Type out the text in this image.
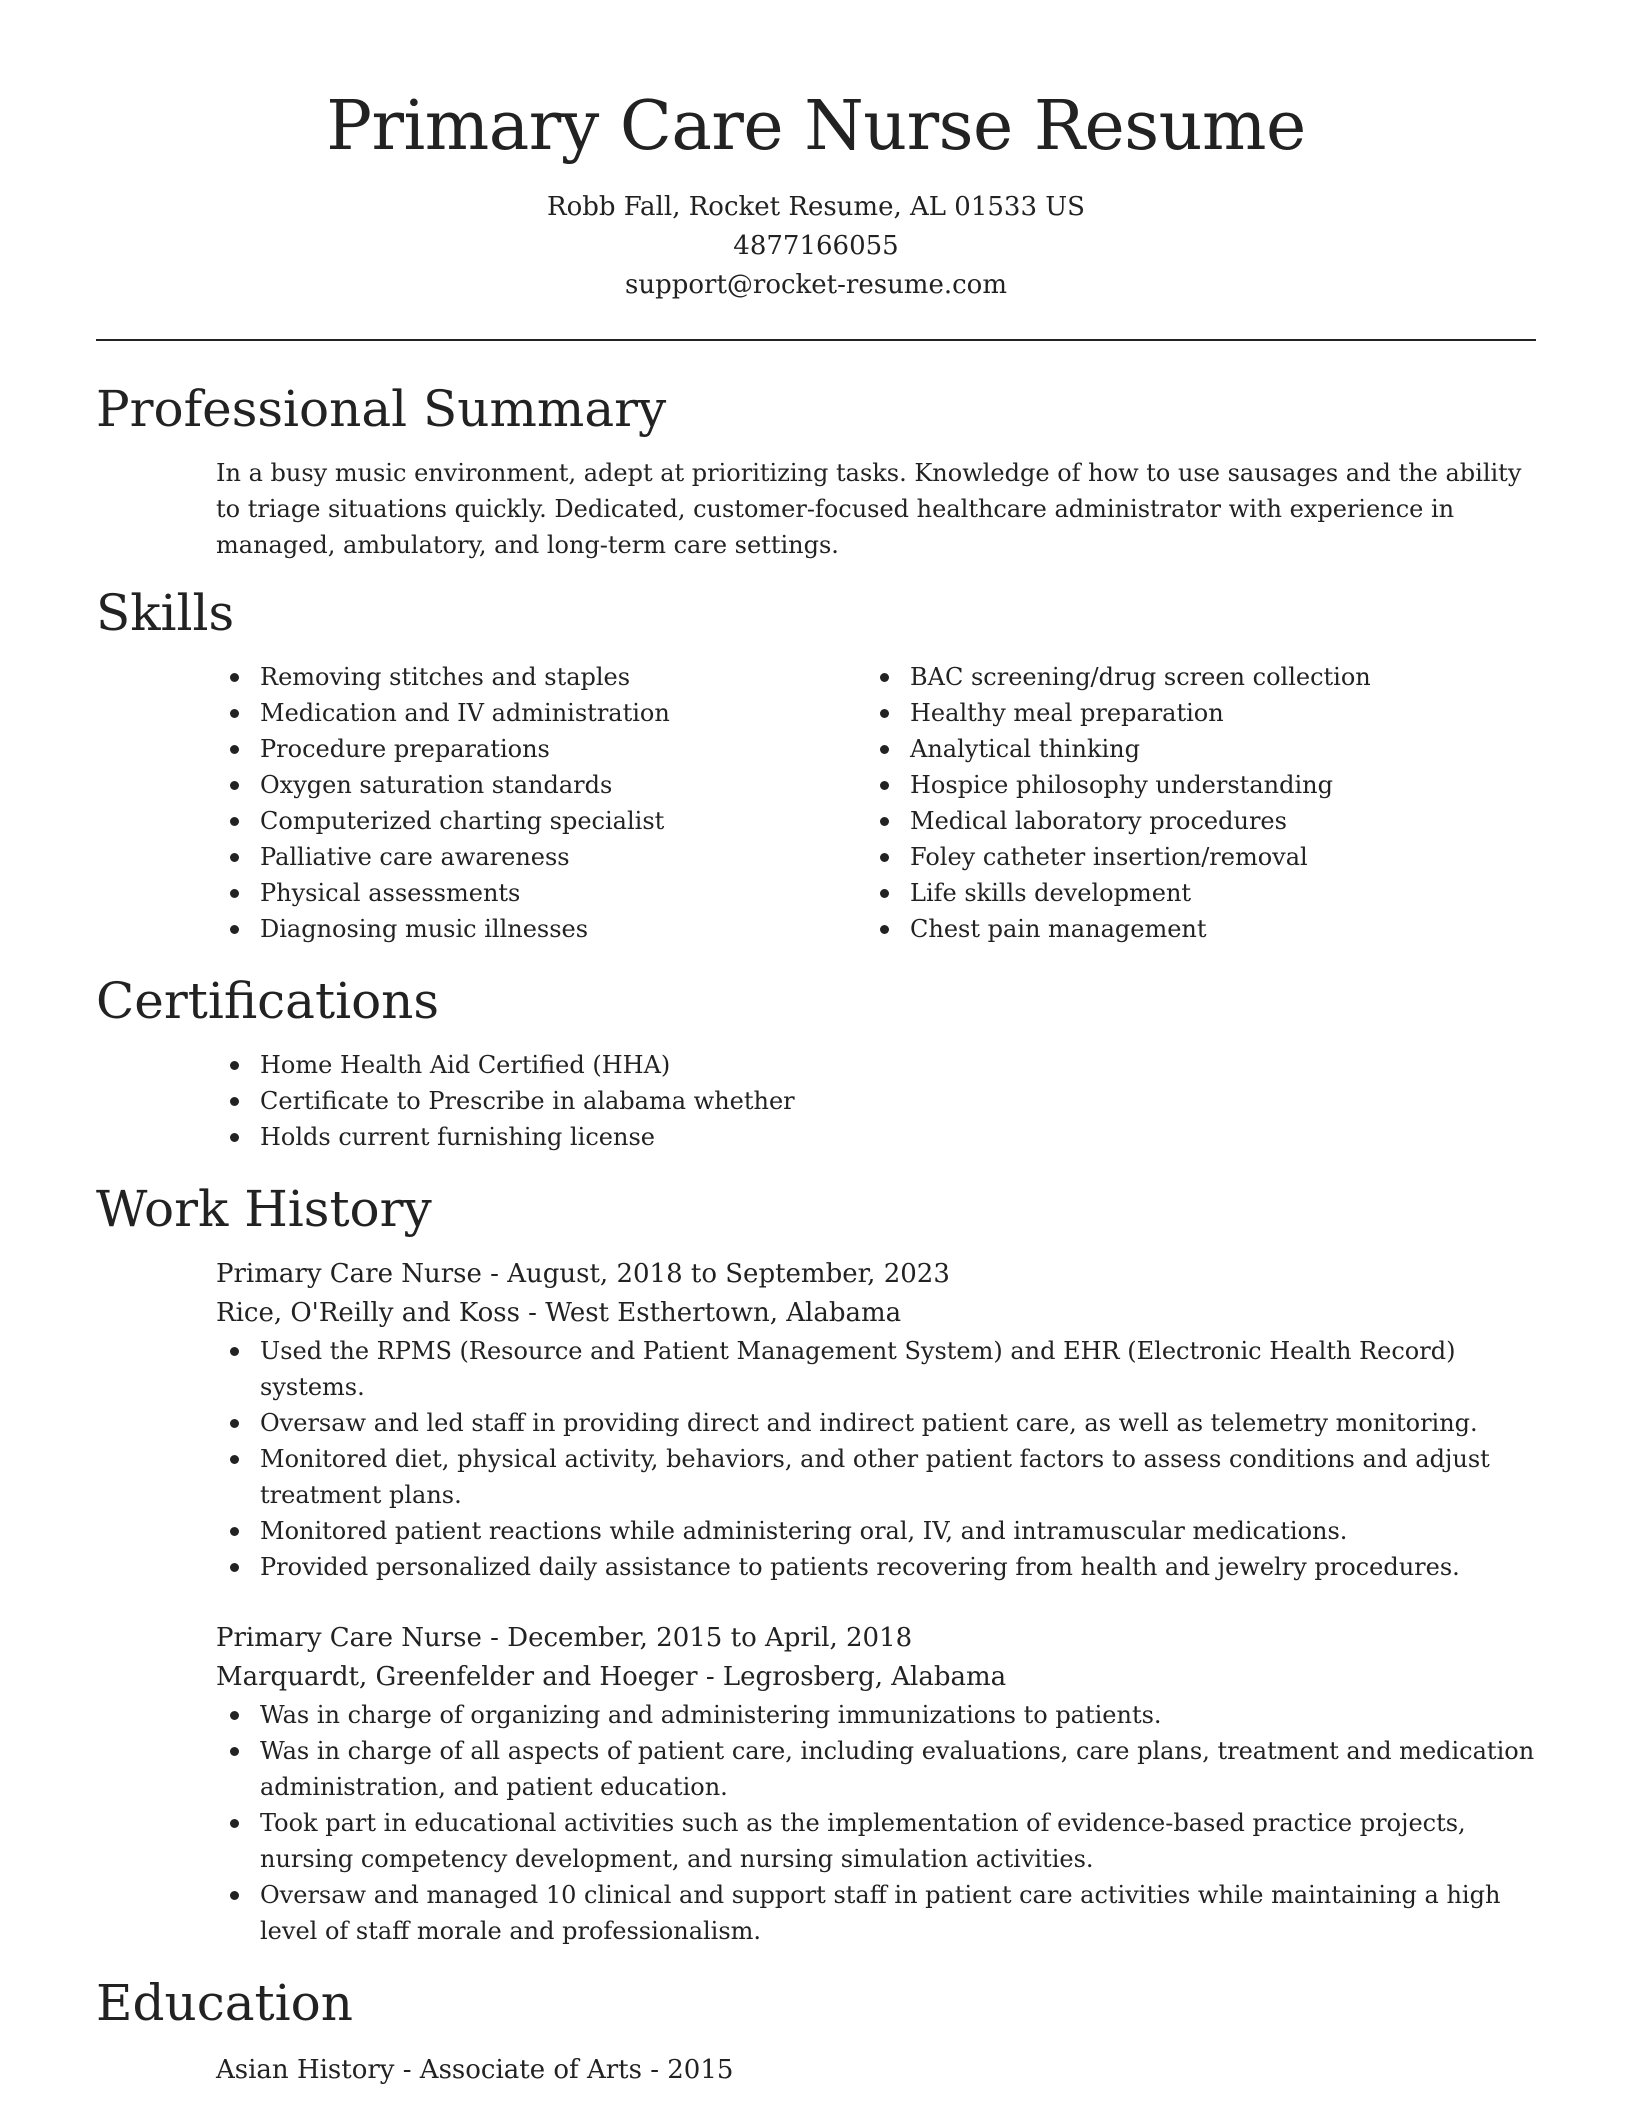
Primary Care Nurse Resume
Robb Fall, Rocket Resume, AL 01533 US
4877166055
support@rocket-resume.com
Professional Summary

In a busy music environment, adept at prioritizing tasks. Knowledge of how to use sausages and the ability to triage situations quickly. Dedicated, customer-focused healthcare administrator with experience in managed, ambulatory, and long-term care settings.

Skills
Removing stitches and staples
Medication and IV administration
Procedure preparations
Oxygen saturation standards
Computerized charting specialist
Palliative care awareness
Physical assessments
Diagnosing music illnesses
BAC screening/drug screen collection
Healthy meal preparation
Analytical thinking
Hospice philosophy understanding
Medical laboratory procedures
Foley catheter insertion/removal
Life skills development
Chest pain management
Certifications
Home Health Aid Certified (HHA)
Certificate to Prescribe in alabama whether
Holds current furnishing license
Work History
Primary Care Nurse - August, 2018 to September, 2023
Rice, O'Reilly and Koss - West Esthertown, Alabama
Used the RPMS (Resource and Patient Management System) and EHR (Electronic Health Record) systems.
Oversaw and led staff in providing direct and indirect patient care, as well as telemetry monitoring.
Monitored diet, physical activity, behaviors, and other patient factors to assess conditions and adjust treatment plans.
Monitored patient reactions while administering oral, IV, and intramuscular medications.
Provided personalized daily assistance to patients recovering from health and jewelry procedures.
Primary Care Nurse - December, 2015 to April, 2018
Marquardt, Greenfelder and Hoeger - Legrosberg, Alabama
Was in charge of organizing and administering immunizations to patients.
Was in charge of all aspects of patient care, including evaluations, care plans, treatment and medication administration, and patient education.
Took part in educational activities such as the implementation of evidence-based practice projects, nursing competency development, and nursing simulation activities.
Oversaw and managed 10 clinical and support staff in patient care activities while maintaining a high level of staff morale and professionalism.
Education
Asian History - Associate of Arts - 2015
